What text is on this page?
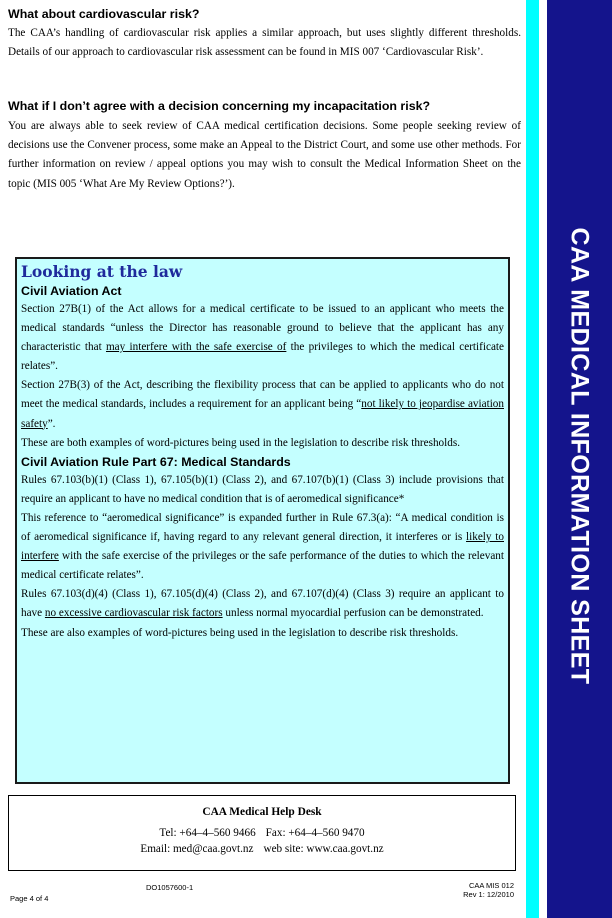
What about cardiovascular risk?

The CAA’s handling of cardiovascular risk applies a similar approach, but uses slightly different thresholds. Details of our approach to cardiovascular risk assessment can be found in MIS 007 ‘Cardiovascular Risk’.

What if I don’t agree with a decision concerning my incapacitation risk?

You are always able to seek review of CAA medical certification decisions. Some people seeking review of decisions use the Convener process, some make an Appeal to the District Court, and some use other methods. For further information on review / appeal options you may wish to consult the Medical Information Sheet on the topic (MIS 005 ‘What Are My Review Options?’).

Looking at the law
Civil Aviation Act

Section 27B(1) of the Act allows for a medical certificate to be issued to an applicant who meets the medical standards “unless the Director has reasonable ground to believe that the applicant has any characteristic that may interfere with the safe exercise of the privileges to which the medical certificate relates”.

Section 27B(3) of the Act, describing the flexibility process that can be applied to applicants who do not meet the medical standards, includes a requirement for an applicant being “not likely to jeopardise aviation safety”.

These are both examples of word-pictures being used in the legislation to describe risk thresholds.

Civil Aviation Rule Part 67: Medical Standards

Rules 67.103(b)(1) (Class 1), 67.105(b)(1) (Class 2), and 67.107(b)(1) (Class 3) include provisions that require an applicant to have no medical condition that is of aeromedical significance*

This reference to “aeromedical significance” is expanded further in Rule 67.3(a): “A medical condition is of aeromedical significance if, having regard to any relevant general direction, it interferes or is likely to interfere with the safe exercise of the privileges or the safe performance of the duties to which the relevant medical certificate relates”.

Rules 67.103(d)(4) (Class 1), 67.105(d)(4) (Class 2), and 67.107(d)(4) (Class 3) require an applicant to have no excessive cardiovascular risk factors unless normal myocardial perfusion can be demonstrated.

These are also examples of word-pictures being used in the legislation to describe risk thresholds.

CAA Medical Help Desk
Tel: +64–4–560 9466 Fax: +64–4–560 9470
Email: med@caa.govt.nz web site: www.caa.govt.nz
Page 4 of 4
DO1057600-1	CAA MIS 012
Rev 1: 12/2010
CAA MEDICAL INFORMATION SHEET
